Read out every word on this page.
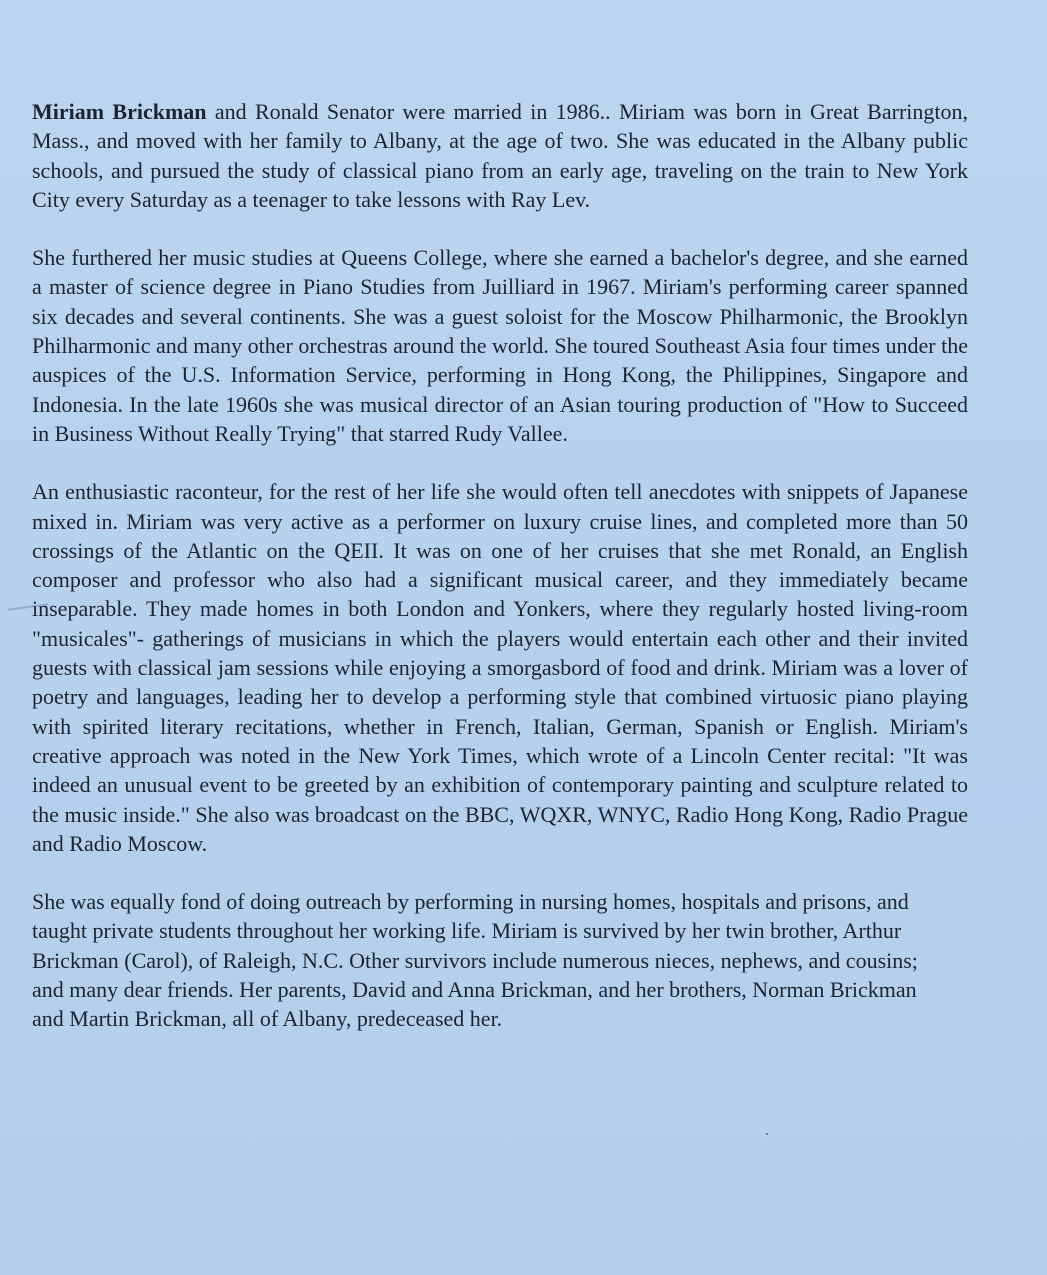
Miriam Brickman and Ronald Senator were married in 1986.. Miriam was born in Great Barrington, Mass., and moved with her family to Albany, at the age of two. She was educated in the Albany public schools, and pursued the study of classical piano from an early age, traveling on the train to New York City every Saturday as a teenager to take lessons with Ray Lev.

She furthered her music studies at Queens College, where she earned a bachelor's degree, and she earned a master of science degree in Piano Studies from Juilliard in 1967. Miriam's performing career spanned six decades and several continents. She was a guest soloist for the Moscow Philharmonic, the Brooklyn Philharmonic and many other orchestras around the world. She toured Southeast Asia four times under the auspices of the U.S. Information Service, performing in Hong Kong, the Philippines, Singapore and Indonesia. In the late 1960s she was musical director of an Asian touring production of "How to Succeed in Business Without Really Trying" that starred Rudy Vallee.

An enthusiastic raconteur, for the rest of her life she would often tell anecdotes with snippets of Japanese mixed in. Miriam was very active as a performer on luxury cruise lines, and completed more than 50 crossings of the Atlantic on the QEII. It was on one of her cruises that she met Ronald, an English composer and professor who also had a significant musical career, and they immediately became inseparable. They made homes in both London and Yonkers, where they regularly hosted living-room "musicales"- gatherings of musicians in which the players would entertain each other and their invited guests with classical jam sessions while enjoying a smorgasbord of food and drink. Miriam was a lover of poetry and languages, leading her to develop a performing style that combined virtuosic piano playing with spirited literary recitations, whether in French, Italian, German, Spanish or English. Miriam's creative approach was noted in the New York Times, which wrote of a Lincoln Center recital: "It was indeed an unusual event to be greeted by an exhibition of contemporary painting and sculpture related to the music inside." She also was broadcast on the BBC, WQXR, WNYC, Radio Hong Kong, Radio Prague and Radio Moscow.

She was equally fond of doing outreach by performing in nursing homes, hospitals and prisons, and taught private students throughout her working life. Miriam is survived by her twin brother, Arthur Brickman (Carol), of Raleigh, N.C. Other survivors include numerous nieces, nephews, and cousins; and many dear friends. Her parents, David and Anna Brickman, and her brothers, Norman Brickman and Martin Brickman, all of Albany, predeceased her.
